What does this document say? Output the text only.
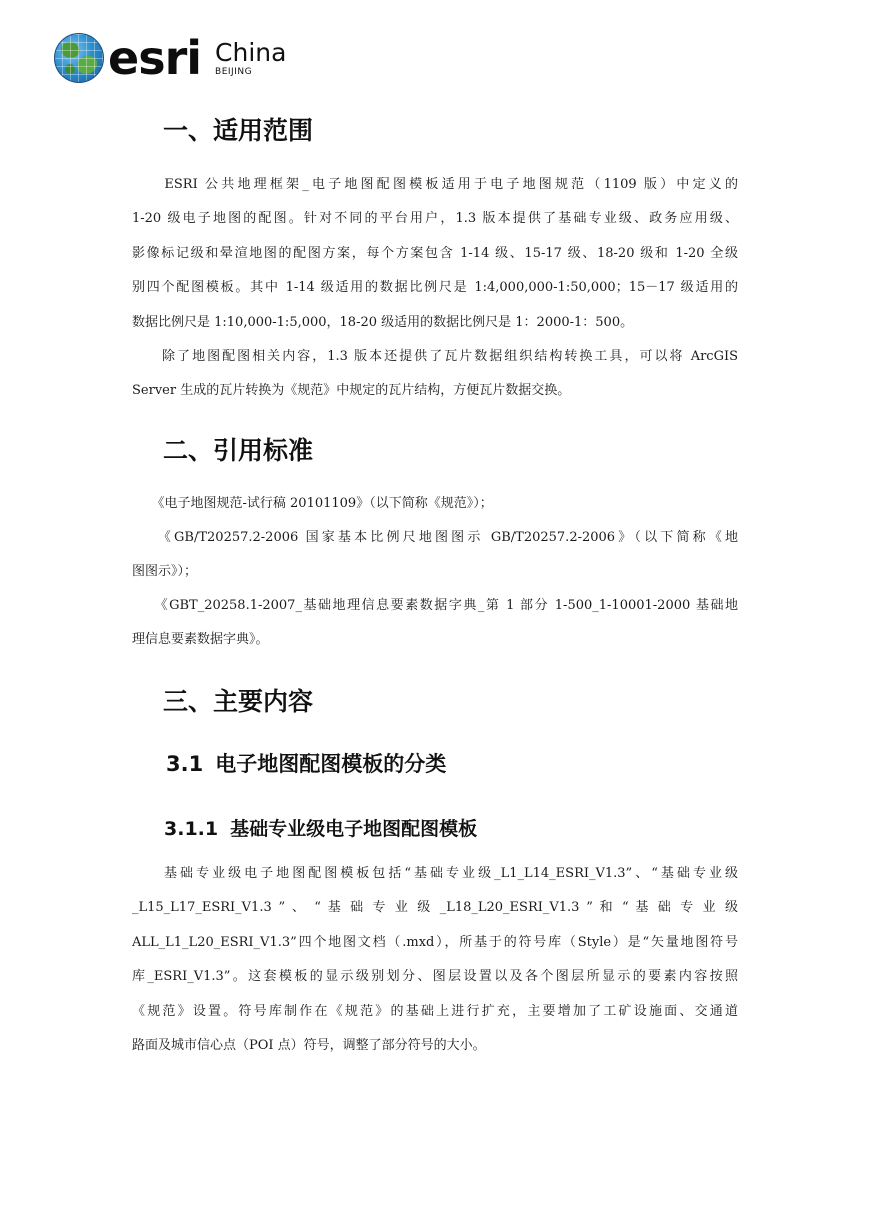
esri China
BEIJING
一、适用范围
　　ESRI 公共地理框架_电子地图配图模板适用于电子地图规范（1109 版）中定义的
1-20 级电子地图的配图。针对不同的平台用户，1.3 版本提供了基础专业级、政务应用级、
影像标记级和晕渲地图的配图方案，每个方案包含 1-14 级、15-17 级、18-20 级和 1-20 全级
别四个配图模板。其中 1-14 级适用的数据比例尺是 1:4,000,000-1:50,000；15－17 级适用的
数据比例尺是 1:10,000-1:5,000，18-20 级适用的数据比例尺是 1：2000-1：500。
　　除了地图配图相关内容，1.3 版本还提供了瓦片数据组织结构转换工具，可以将 ArcGIS
Server 生成的瓦片转换为《规范》中规定的瓦片结构，方便瓦片数据交换。
二、引用标准
　　《电子地图规范-试行稿 20101109》（以下简称《规范》）；
　　《GB/T20257.2-2006 国家基本比例尺地图图示 GB/T20257.2-2006》（以下简称《地
图图示》）；
　　《GBT_20258.1-2007_基础地理信息要素数据字典_第 1 部分 1-500_1-10001-2000 基础地
理信息要素数据字典》。
三、主要内容
3.1 电子地图配图模板的分类
3.1.1 基础专业级电子地图配图模板
　　基础专业级电子地图配图模板包括“基础专业级_L1_L14_ESRI_V1.3”、“基础专业级
_L15_L17_ESRI_V1.3 ” 、 “ 基 础 专 业 级 _L18_L20_ESRI_V1.3 ” 和 “ 基 础 专 业 级
ALL_L1_L20_ESRI_V1.3”四个地图文档（.mxd），所基于的符号库（Style）是“矢量地图符号
库_ESRI_V1.3”。这套模板的显示级别划分、图层设置以及各个图层所显示的要素内容按照
《规范》设置。符号库制作在《规范》的基础上进行扩充，主要增加了工矿设施面、交通道
路面及城市信心点（POI 点）符号，调整了部分符号的大小。
